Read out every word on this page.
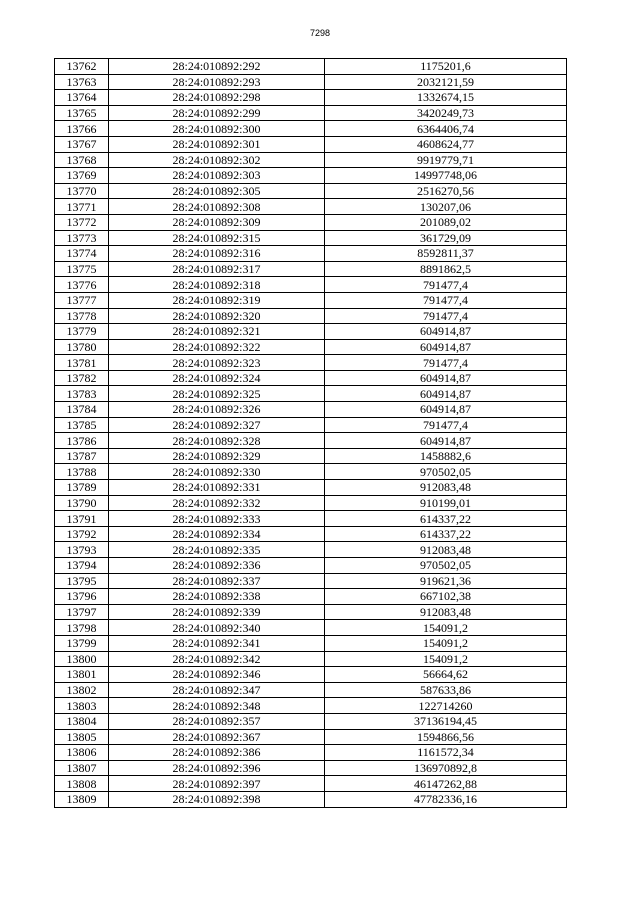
7298
13762	28:24:010892:292	1175201,6
13763	28:24:010892:293	2032121,59
13764	28:24:010892:298	1332674,15
13765	28:24:010892:299	3420249,73
13766	28:24:010892:300	6364406,74
13767	28:24:010892:301	4608624,77
13768	28:24:010892:302	9919779,71
13769	28:24:010892:303	14997748,06
13770	28:24:010892:305	2516270,56
13771	28:24:010892:308	130207,06
13772	28:24:010892:309	201089,02
13773	28:24:010892:315	361729,09
13774	28:24:010892:316	8592811,37
13775	28:24:010892:317	8891862,5
13776	28:24:010892:318	791477,4
13777	28:24:010892:319	791477,4
13778	28:24:010892:320	791477,4
13779	28:24:010892:321	604914,87
13780	28:24:010892:322	604914,87
13781	28:24:010892:323	791477,4
13782	28:24:010892:324	604914,87
13783	28:24:010892:325	604914,87
13784	28:24:010892:326	604914,87
13785	28:24:010892:327	791477,4
13786	28:24:010892:328	604914,87
13787	28:24:010892:329	1458882,6
13788	28:24:010892:330	970502,05
13789	28:24:010892:331	912083,48
13790	28:24:010892:332	910199,01
13791	28:24:010892:333	614337,22
13792	28:24:010892:334	614337,22
13793	28:24:010892:335	912083,48
13794	28:24:010892:336	970502,05
13795	28:24:010892:337	919621,36
13796	28:24:010892:338	667102,38
13797	28:24:010892:339	912083,48
13798	28:24:010892:340	154091,2
13799	28:24:010892:341	154091,2
13800	28:24:010892:342	154091,2
13801	28:24:010892:346	56664,62
13802	28:24:010892:347	587633,86
13803	28:24:010892:348	122714260
13804	28:24:010892:357	37136194,45
13805	28:24:010892:367	1594866,56
13806	28:24:010892:386	1161572,34
13807	28:24:010892:396	136970892,8
13808	28:24:010892:397	46147262,88
13809	28:24:010892:398	47782336,16
